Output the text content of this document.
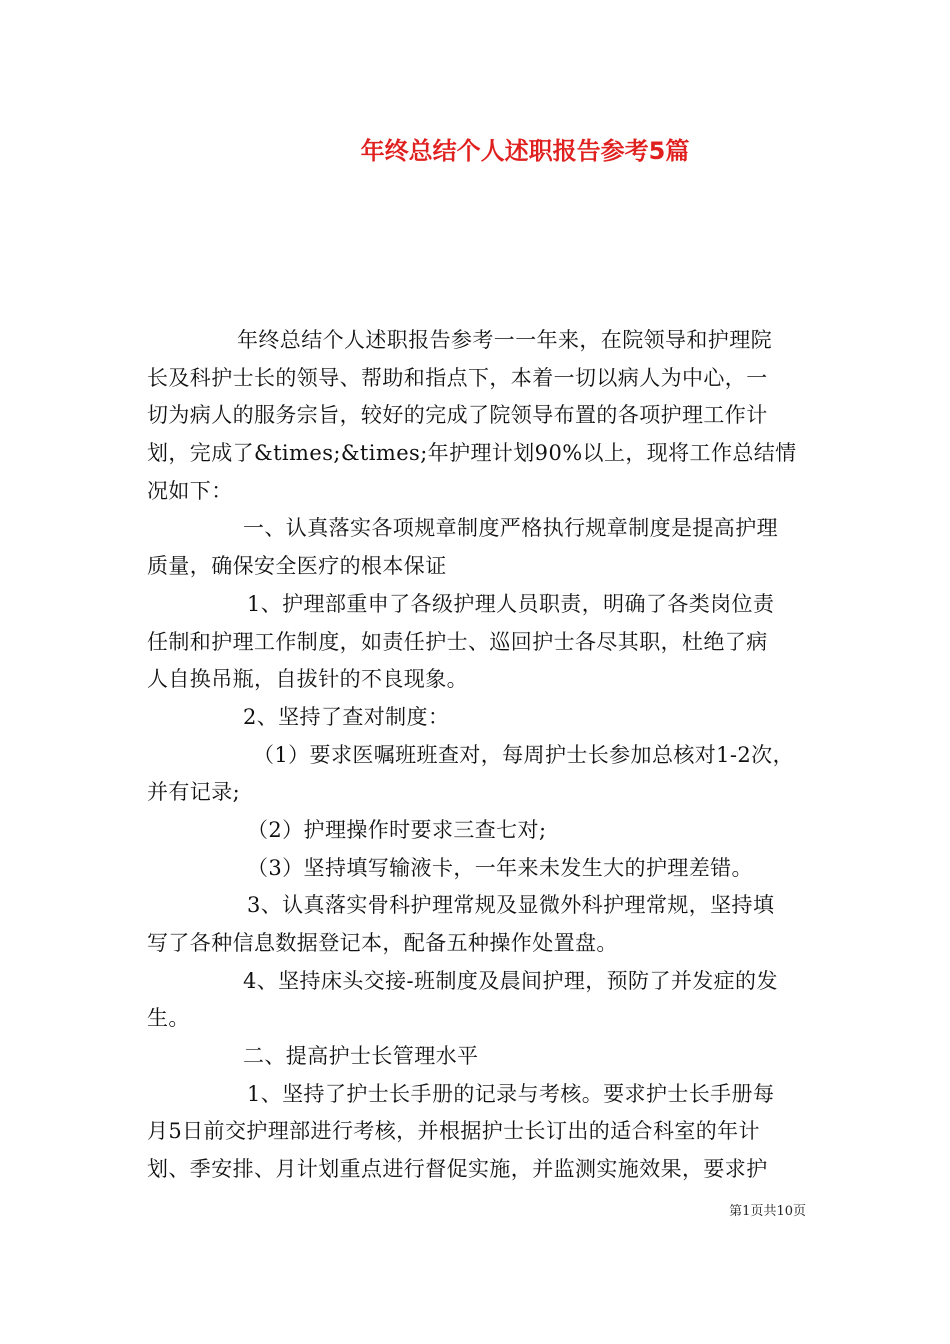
年终总结个人述职报告参考5篇
年终总结个人述职报告参考一一年来，在院领导和护理院
长及科护士长的领导、帮助和指点下，本着一切以病人为中心，一
切为病人的服务宗旨，较好的完成了院领导布置的各项护理工作计
划，完成了&times;&times;年护理计划90%以上，现将工作总结情
况如下：
一、认真落实各项规章制度严格执行规章制度是提高护理
质量，确保安全医疗的根本保证
1、护理部重申了各级护理人员职责，明确了各类岗位责
任制和护理工作制度，如责任护士、巡回护士各尽其职，杜绝了病
人自换吊瓶，自拔针的不良现象。
2、坚持了查对制度：
（1）要求医嘱班班查对，每周护士长参加总核对1-2次，
并有记录;
（2）护理操作时要求三查七对;
（3）坚持填写输液卡，一年来未发生大的护理差错。
3、认真落实骨科护理常规及显微外科护理常规，坚持填
写了各种信息数据登记本，配备五种操作处置盘。
4、坚持床头交接-班制度及晨间护理，预防了并发症的发
生。
二、提高护士长管理水平
1、坚持了护士长手册的记录与考核。要求护士长手册每
月5日前交护理部进行考核，并根据护士长订出的适合科室的年计
划、季安排、月计划重点进行督促实施，并监测实施效果，要求护
第1页共10页
